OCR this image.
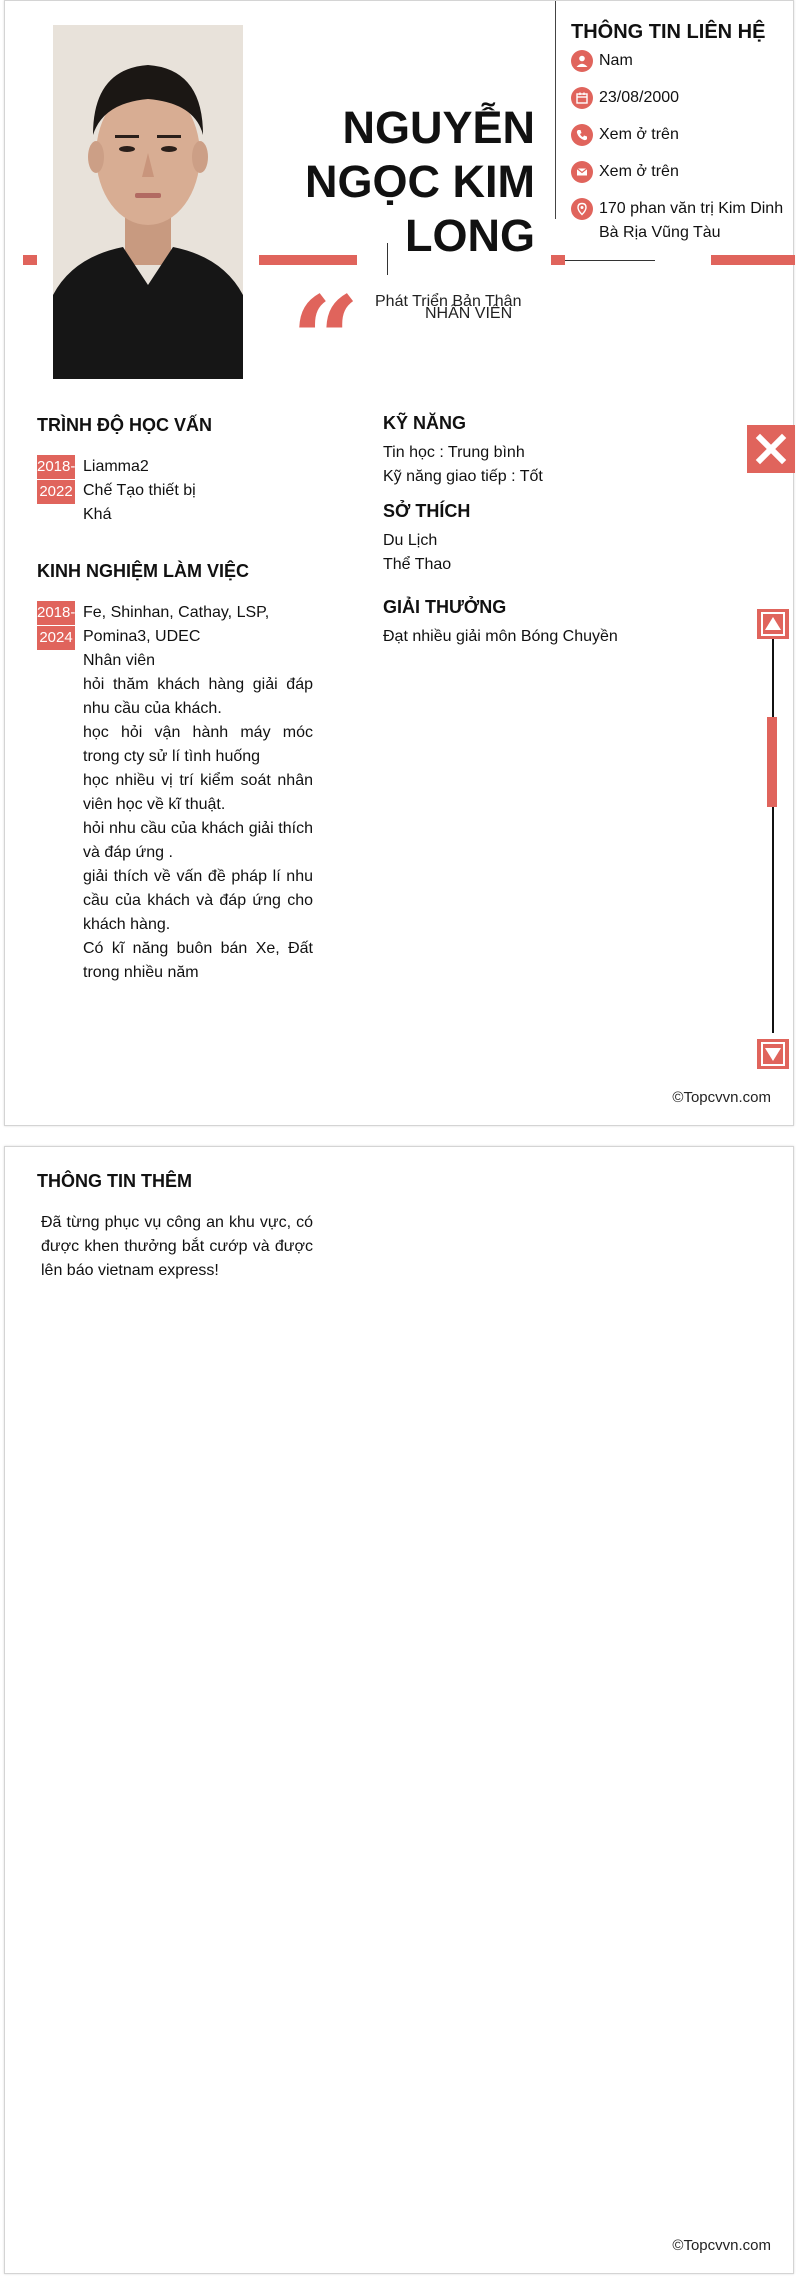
NGUYỄN
NGỌC KIM
LONG
THÔNG TIN LIÊN HỆ
Nam
23/08/2000
Xem ở trên
Xem ở trên
170 phan văn trị Kim Dinh
Bà Rịa Vũng Tàu
“ Phát Triển Bản Thân
NHÂN VIÊN
TRÌNH ĐỘ HỌC VẤN
2018-
2022
Liamma2
Chế Tạo thiết bị
Khá
KINH NGHIỆM LÀM VIỆC
2018-
2024
Fe, Shinhan, Cathay, LSP,
Pomina3, UDEC
Nhân viên
hỏi thăm khách hàng giải đáp nhu cầu của khách.
học hỏi vận hành máy móc trong cty sử lí tình huống
học nhiều vị trí kiểm soát nhân viên học về kĩ thuật.
hỏi nhu cầu của khách giải thích và đáp ứng .
giải thích về vấn đề pháp lí nhu cầu của khách và đáp ứng cho khách hàng.
Có kĩ năng buôn bán Xe, Đất trong nhiều năm
KỸ NĂNG
Tin học : Trung bình
Kỹ năng giao tiếp : Tốt
SỞ THÍCH
Du Lịch
Thể Thao
GIẢI THƯỞNG
Đạt nhiều giải môn Bóng Chuyền
©Topcvvn.com
THÔNG TIN THÊM
Đã từng phục vụ công an khu vực, có được khen thưởng bắt cướp và được lên báo vietnam express!
©Topcvvn.com
